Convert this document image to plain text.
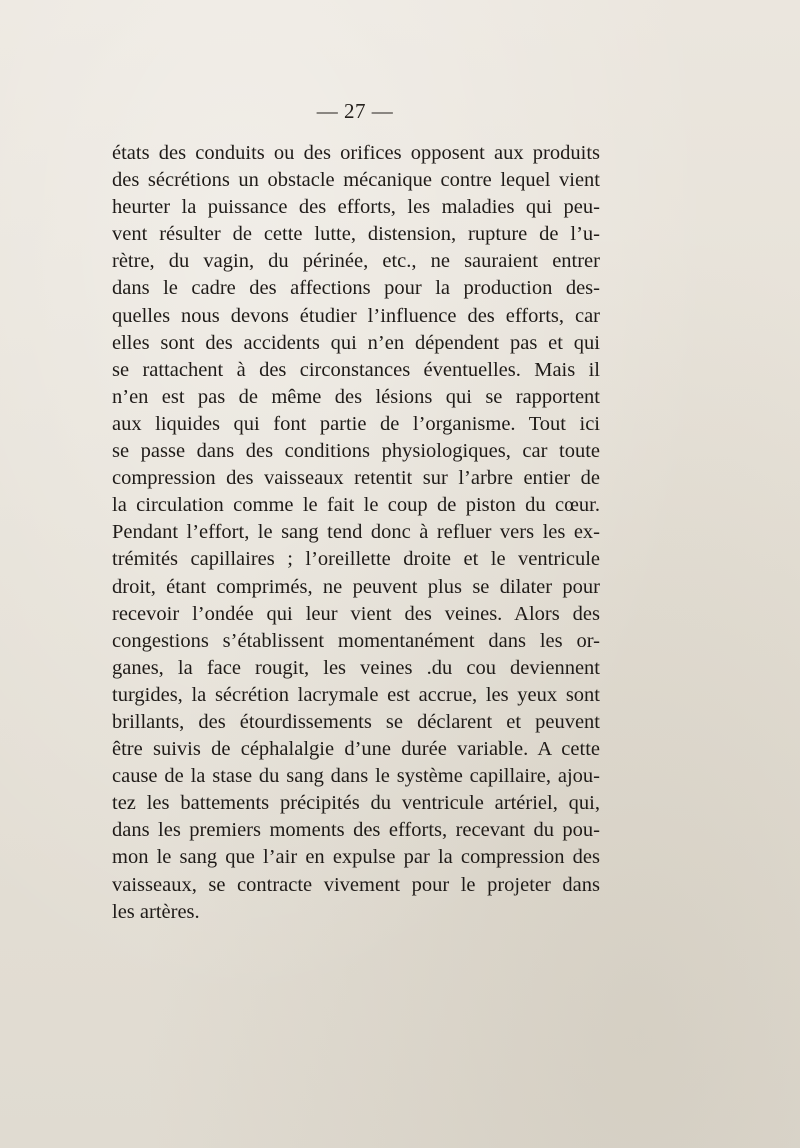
— 27 —
états des conduits ou des orifices opposent aux produits
des sécrétions un obstacle mécanique contre lequel vient
heurter la puissance des efforts, les maladies qui peu-
vent résulter de cette lutte, distension, rupture de l’u-
rètre, du vagin, du périnée, etc., ne sauraient entrer
dans le cadre des affections pour la production des-
quelles nous devons étudier l’influence des efforts, car
elles sont des accidents qui n’en dépendent pas et qui
se rattachent à des circonstances éventuelles. Mais il
n’en est pas de même des lésions qui se rapportent
aux liquides qui font partie de l’organisme. Tout ici
se passe dans des conditions physiologiques, car toute
compression des vaisseaux retentit sur l’arbre entier de
la circulation comme le fait le coup de piston du cœur.
Pendant l’effort, le sang tend donc à refluer vers les ex-
trémités capillaires ; l’oreillette droite et le ventricule
droit, étant comprimés, ne peuvent plus se dilater pour
recevoir l’ondée qui leur vient des veines. Alors des
congestions s’établissent momentanément dans les or-
ganes, la face rougit, les veines .du cou deviennent
turgides, la sécrétion lacrymale est accrue, les yeux sont
brillants, des étourdissements se déclarent et peuvent
être suivis de céphalalgie d’une durée variable. A cette
cause de la stase du sang dans le système capillaire, ajou-
tez les battements précipités du ventricule artériel, qui,
dans les premiers moments des efforts, recevant du pou-
mon le sang que l’air en expulse par la compression des
vaisseaux, se contracte vivement pour le projeter dans
les artères.
